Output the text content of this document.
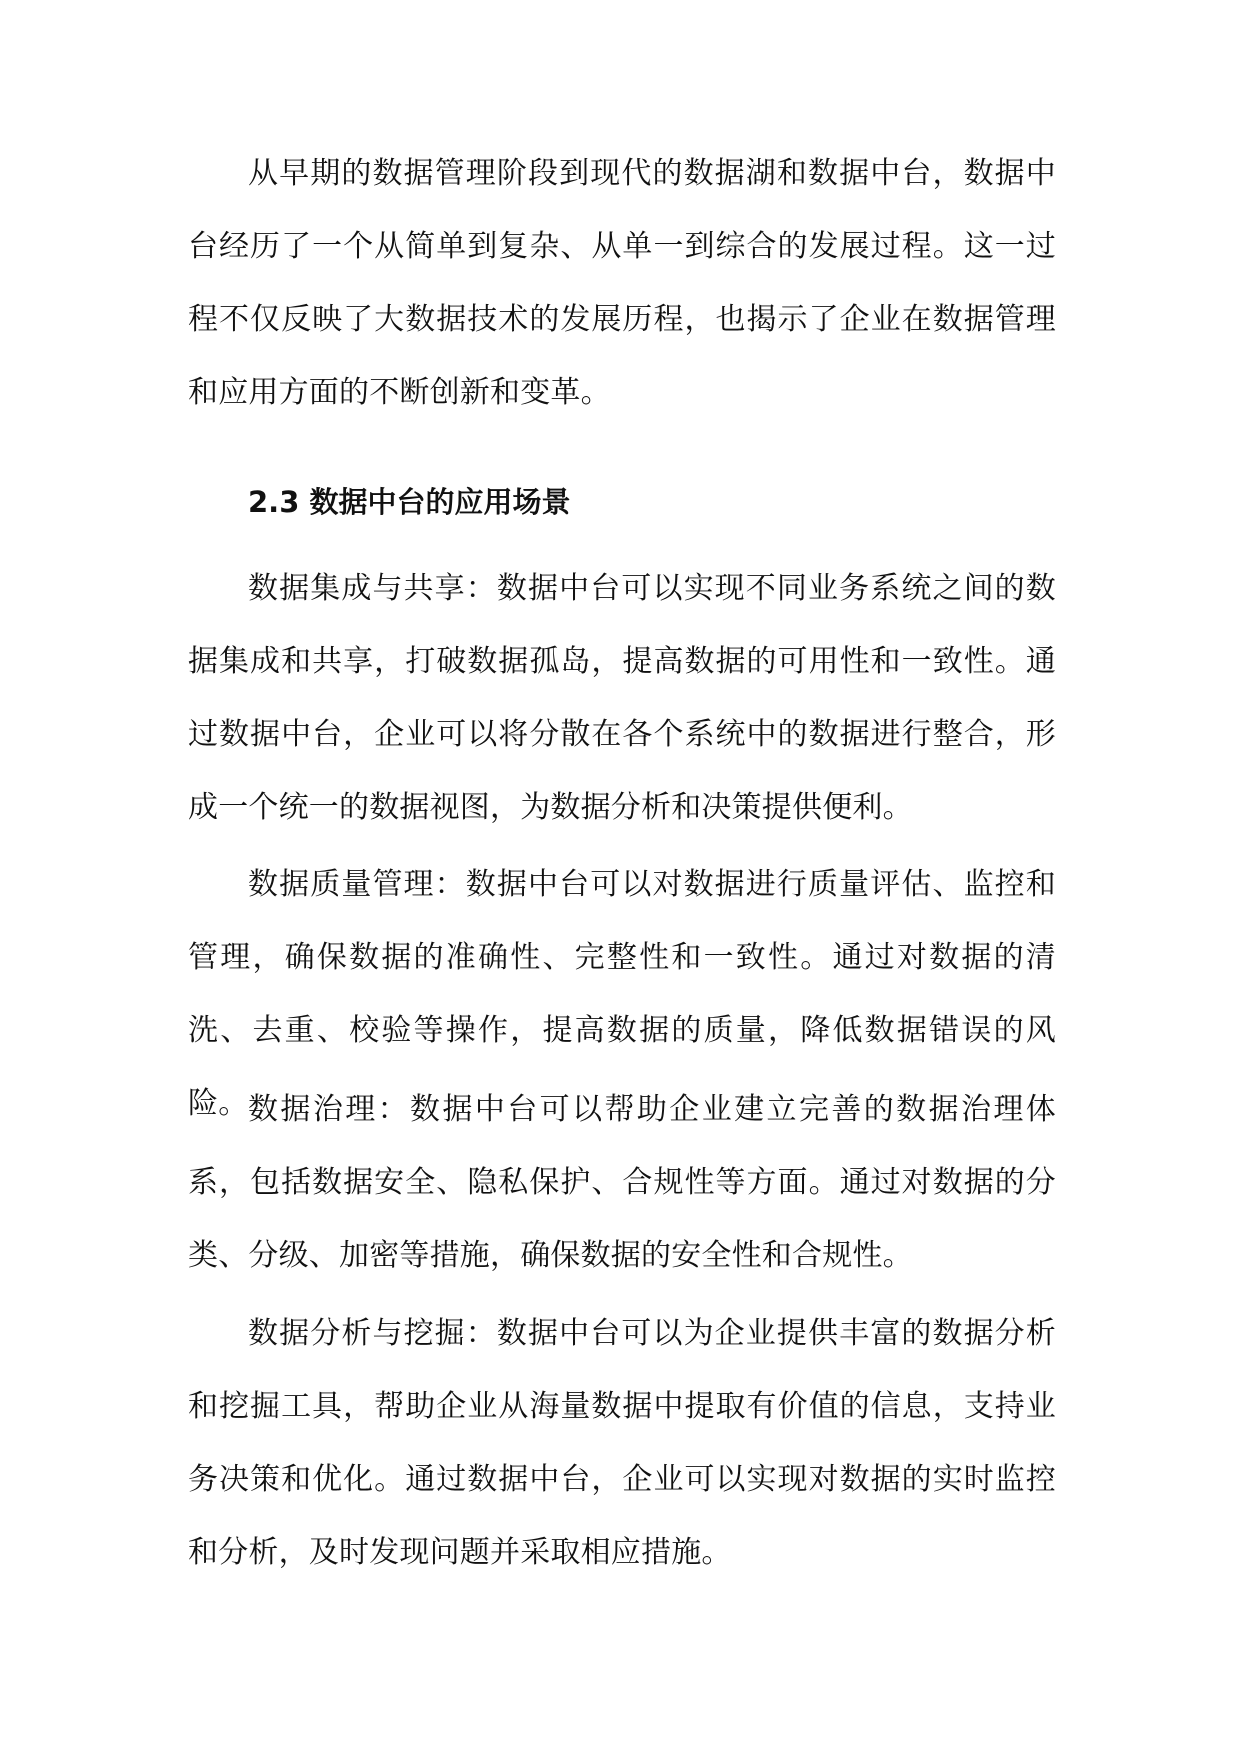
从早期的数据管理阶段到现代的数据湖和数据中台，数据中台经历了一个从简单到复杂、从单一到综合的发展过程。这一过程不仅反映了大数据技术的发展历程，也揭示了企业在数据管理和应用方面的不断创新和变革。

2.3 数据中台的应用场景

数据集成与共享：数据中台可以实现不同业务系统之间的数据集成和共享，打破数据孤岛，提高数据的可用性和一致性。通过数据中台，企业可以将分散在各个系统中的数据进行整合，形成一个统一的数据视图，为数据分析和决策提供便利。

数据质量管理：数据中台可以对数据进行质量评估、监控和管理，确保数据的准确性、完整性和一致性。通过对数据的清洗、去重、校验等操作，提高数据的质量，降低数据错误的风险。 数据治理：数据中台可以帮助企业建立完善的数据治理体系，包括数据安全、隐私保护、合规性等方面。通过对数据的分类、分级、加密等措施，确保数据的安全性和合规性。

数据分析与挖掘：数据中台可以为企业提供丰富的数据分析和挖掘工具，帮助企业从海量数据中提取有价值的信息，支持业务决策和优化。通过数据中台，企业可以实现对数据的实时监控和分析，及时发现问题并采取相应措施。
